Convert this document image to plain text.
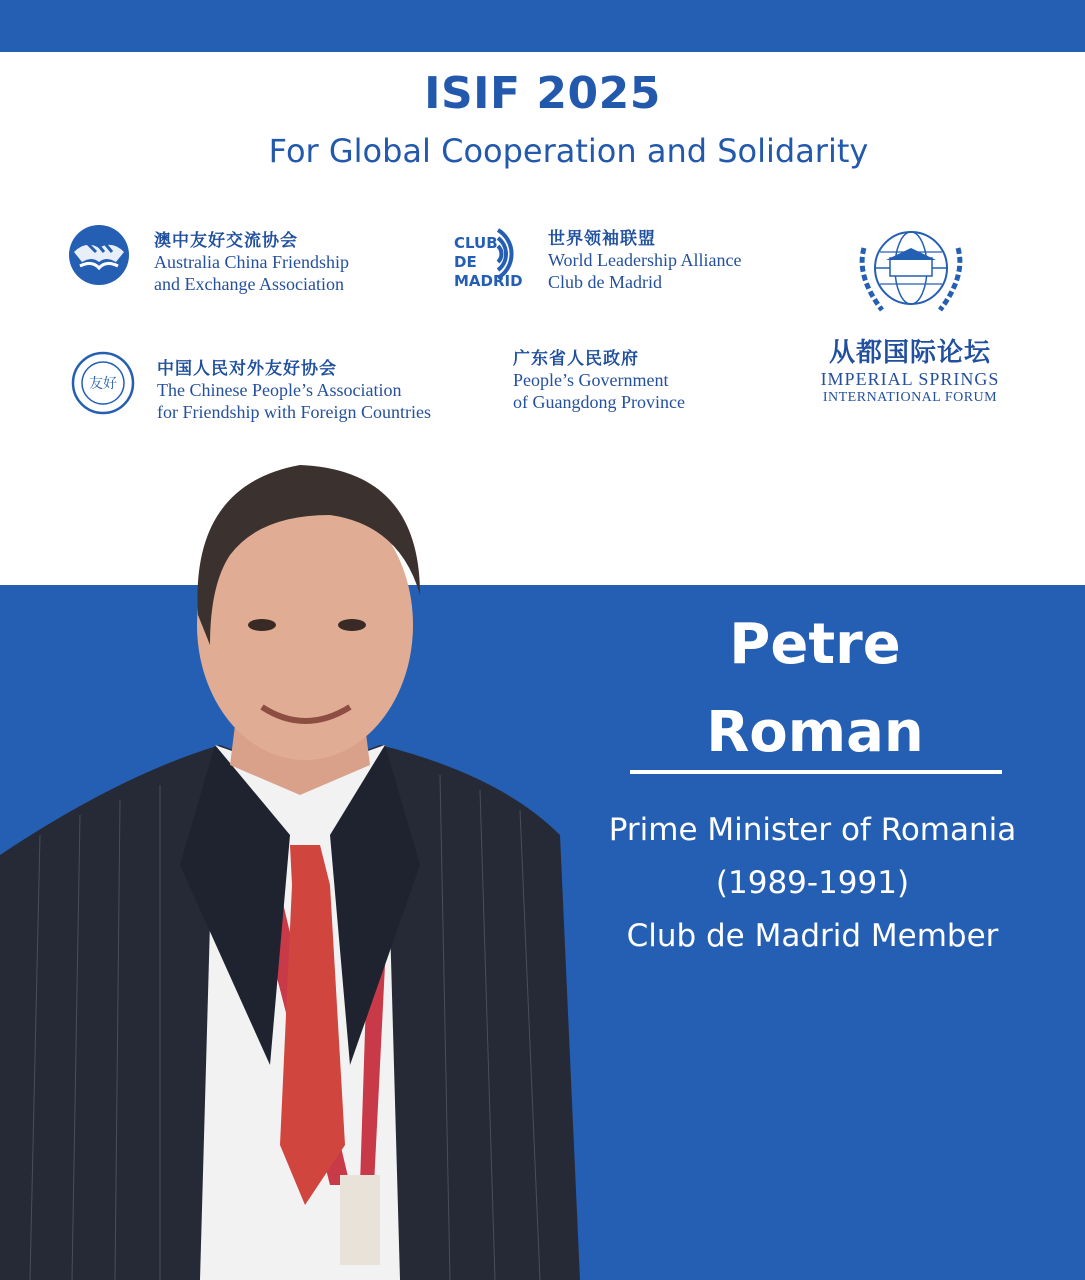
ISIF 2025
For Global Cooperation and Solidarity
澳中友好交流协会
Australia China Friendship
and Exchange Association
CLUB
DE
MADRID
世界领袖联盟
World Leadership Alliance
Club de Madrid
友好
中国人民对外友好协会
The Chinese People’s Association
for Friendship with Foreign Countries
广东省人民政府
People’s Government
of Guangdong Province
从都国际论坛
IMPERIAL SPRINGS
INTERNATIONAL FORUM
Petre
Roman
Prime Minister of Romania
(1989-1991)
Club de Madrid Member
